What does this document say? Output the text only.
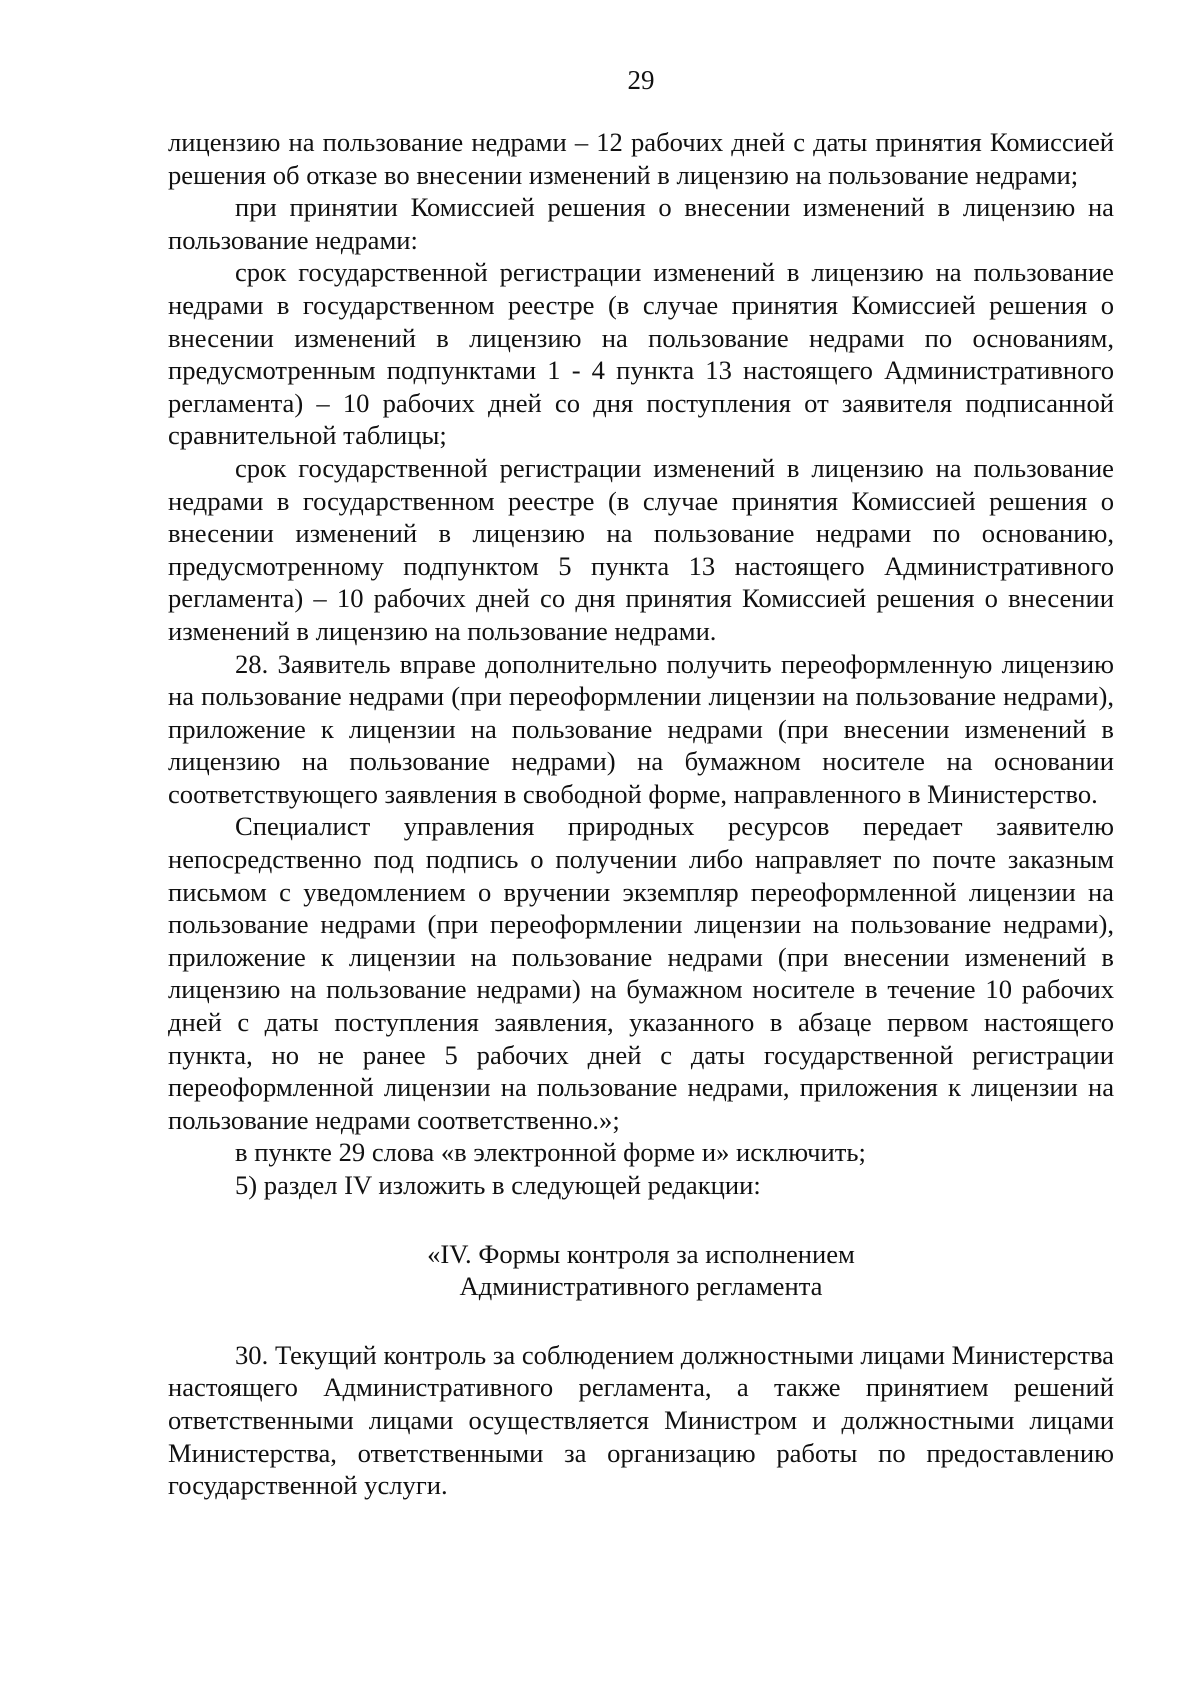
29

лицензию на пользование недрами – 12 рабочих дней с даты принятия Комиссией решения об отказе во внесении изменений в лицензию на пользование недрами;

при принятии Комиссией решения о внесении изменений в лицензию на пользование недрами:

срок государственной регистрации изменений в лицензию на пользование недрами в государственном реестре (в случае принятия Комиссией решения о внесении изменений в лицензию на пользование недрами по основаниям, предусмотренным подпунктами 1 - 4 пункта 13 настоящего Административного регламента) – 10 рабочих дней со дня поступления от заявителя подписанной сравнительной таблицы;

срок государственной регистрации изменений в лицензию на пользование недрами в государственном реестре (в случае принятия Комиссией решения о внесении изменений в лицензию на пользование недрами по основанию, предусмотренному подпунктом 5 пункта 13 настоящего Административного регламента) – 10 рабочих дней со дня принятия Комиссией решения о внесении изменений в лицензию на пользование недрами.

28. Заявитель вправе дополнительно получить переоформленную лицензию на пользование недрами (при переоформлении лицензии на пользование недрами), приложение к лицензии на пользование недрами (при внесении изменений в лицензию на пользование недрами) на бумажном носителе на основании соответствующего заявления в свободной форме, направленного в Министерство.

Специалист управления природных ресурсов передает заявителю непосредственно под подпись о получении либо направляет по почте заказным письмом с уведомлением о вручении экземпляр переоформленной лицензии на пользование недрами (при переоформлении лицензии на пользование недрами), приложение к лицензии на пользование недрами (при внесении изменений в лицензию на пользование недрами) на бумажном носителе в течение 10 рабочих дней с даты поступления заявления, указанного в абзаце первом настоящего пункта, но не ранее 5 рабочих дней с даты государственной регистрации переоформленной лицензии на пользование недрами, приложения к лицензии на пользование недрами соответственно.»;

в пункте 29 слова «в электронной форме и» исключить;

5) раздел IV изложить в следующей редакции:

«IV. Формы контроля за исполнением
Административного регламента

30. Текущий контроль за соблюдением должностными лицами Министерства настоящего Административного регламента, а также принятием решений ответственными лицами осуществляется Министром и должностными лицами Министерства, ответственными за организацию работы по предоставлению государственной услуги.
